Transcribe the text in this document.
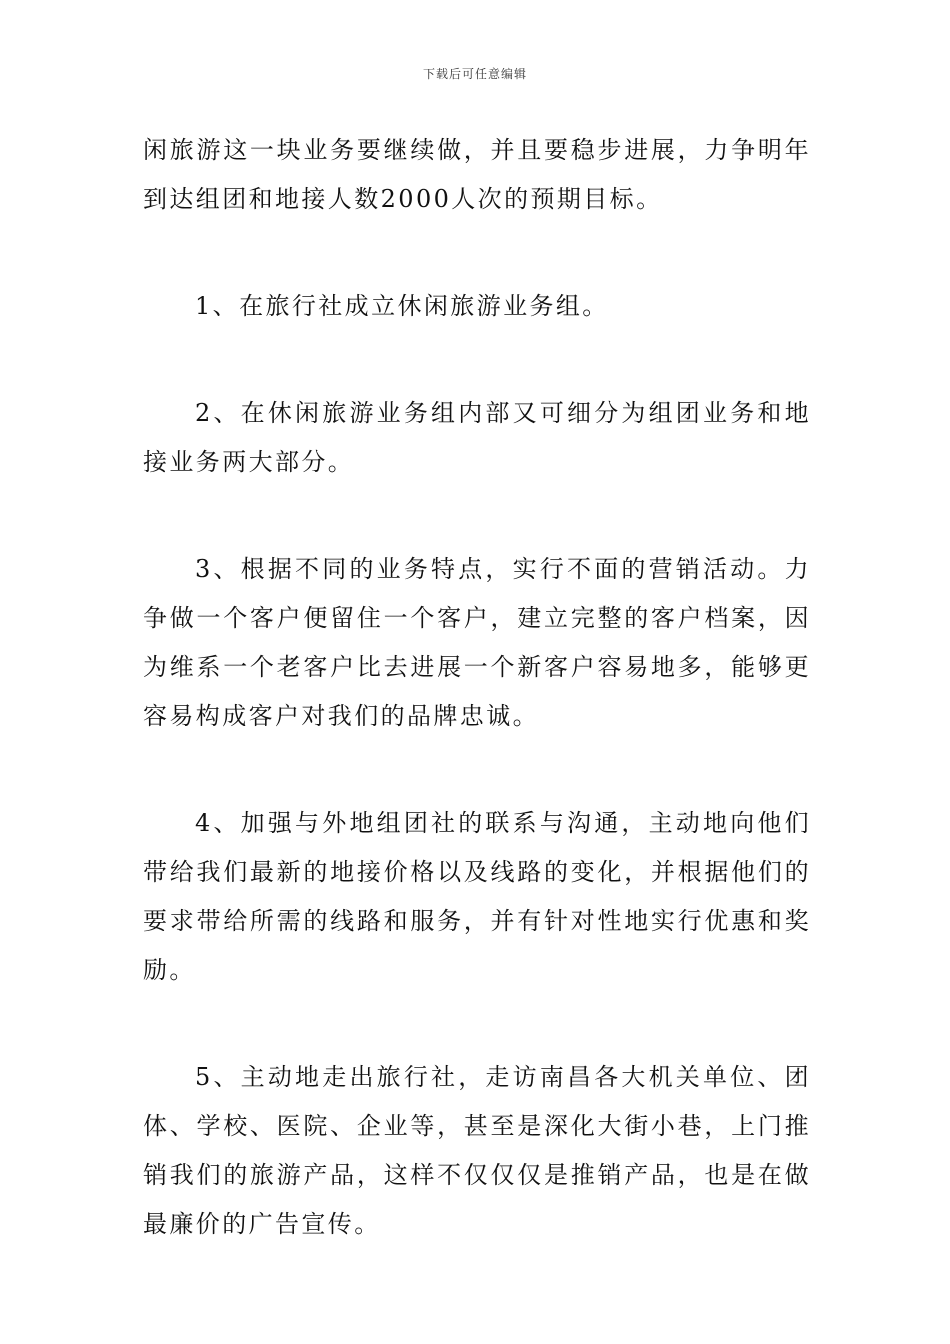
下载后可任意编辑

闲旅游这一块业务要继续做，并且要稳步进展，力争明年到达组团和地接人数2000人次的预期目标。

1、在旅行社成立休闲旅游业务组。

2、在休闲旅游业务组内部又可细分为组团业务和地接业务两大部分。

3、根据不同的业务特点，实行不面的营销活动。力争做一个客户便留住一个客户，建立完整的客户档案，因为维系一个老客户比去进展一个新客户容易地多，能够更容易构成客户对我们的品牌忠诚。

4、加强与外地组团社的联系与沟通，主动地向他们带给我们最新的地接价格以及线路的变化，并根据他们的要求带给所需的线路和服务，并有针对性地实行优惠和奖励。

5、主动地走出旅行社，走访南昌各大机关单位、团体、学校、医院、企业等，甚至是深化大街小巷，上门推销我们的旅游产品，这样不仅仅仅是推销产品，也是在做最廉价的广告宣传。
